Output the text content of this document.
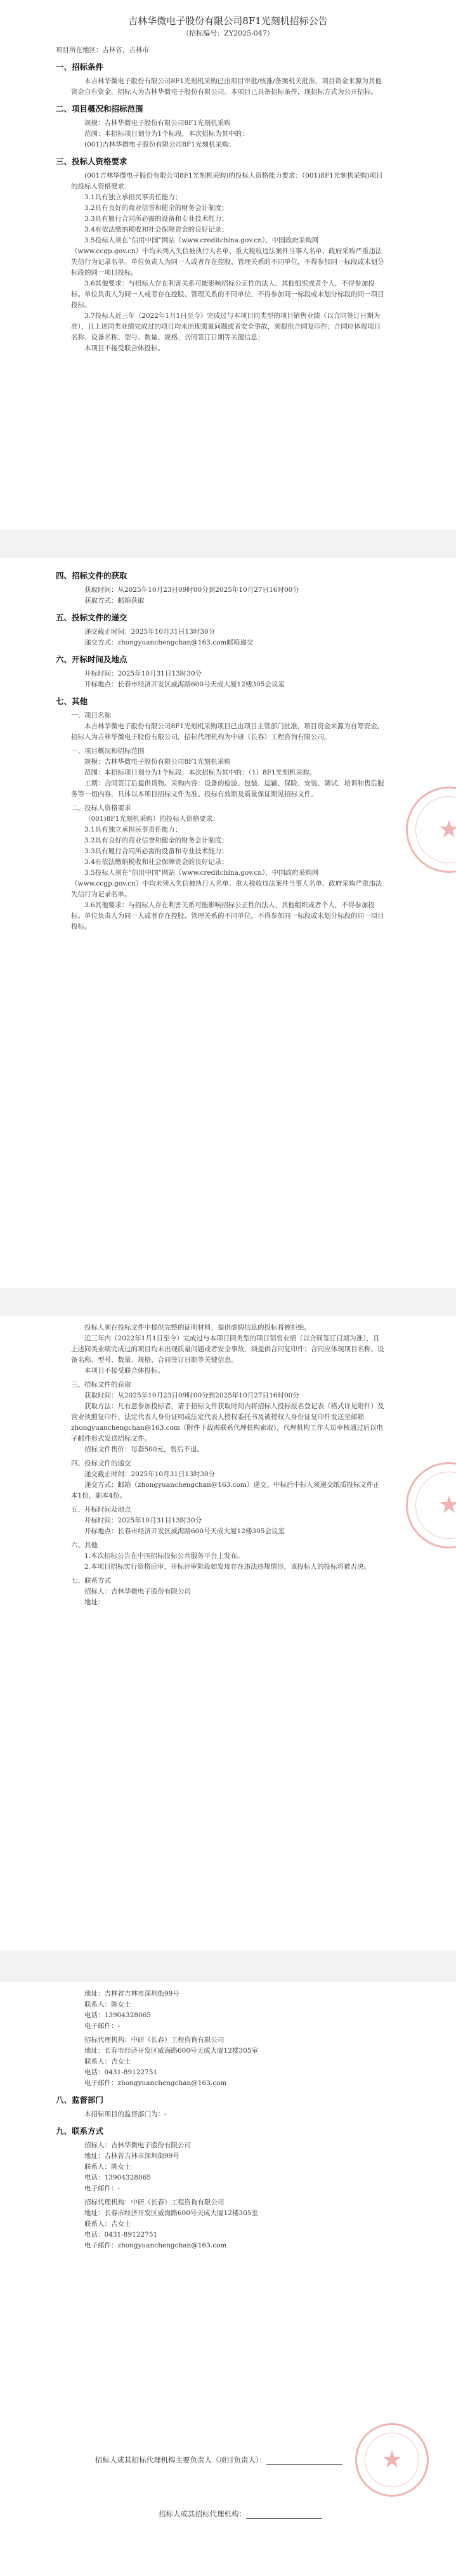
吉林华微电子股份有限公司8F1光刻机招标公告
（招标编号：ZY2025-047）
项目所在地区：吉林省，吉林市
一、招标条件
本吉林华微电子股份有限公司8F1光刻机采购已由项目审批/核准/备案机关批准，项目资金来源为其他资金自有资金，招标人为吉林华微电子股份有限公司。本项目已具备招标条件，现招标方式为公开招标。
二、项目概况和招标范围

规模：吉林华微电子股份有限公司8F1光刻机采购

范围：本招标项目划分为1个标段，本次招标为其中的：

(001)吉林华微电子股份有限公司8F1光刻机采购；

三、投标人资格要求

(001吉林华微电子股份有限公司8F1光刻机采购)的投标人资格能力要求：（001)8F1光刻机采购)项目的投标人资格要求：

3.1具有独立承担民事责任能力；

3.2具有良好的商业信誉和健全的财务会计制度；

3.3具有履行合同所必需的设备和专业技术能力；

3.4有依法缴纳税收和社会保障资金的良好记录；

3.5投标人须在“信用中国”网站（www.creditchina.gov.cn）、中国政府采购网（www.ccgp.gov.cn）中均未列入失信被执行人名单、重大税收违法案件当事人名单、政府采购严重违法失信行为记录名单。单位负责人为同一人或者存在控股、管理关系的不同单位，不得参加同一标段或未划分标段的同一项目投标。

3.6其他要求：与招标人存在利害关系可能影响招标公正性的法人、其他组织或者个人，不得参加投标。单位负责人为同一人或者存在控股、管理关系的不同单位，不得参加同一标段或未划分标段的同一项目投标。

3.7投标人近三年（2022年1月1日至今）完成过与本项目同类型的项目销售业绩（以合同签订日期为准），且上述同类业绩完成过的项目均未出现质量问题或者安全事故，须提供合同复印件；合同应体现项目名称、设备名称、型号、数量、规格、合同签订日期等关键信息；

本项目不接受联合体投标。

★
四、招标文件的获取

获取时间：从2025年10月23日09时00分到2025年10月27日16时00分

获取方式：邮箱获取

五、投标文件的递交

递交截止时间：2025年10月31日13时30分

递交方式：zhongyuanchengchan@163.com邮箱递交

六、开标时间及地点

开标时间：2025年10月31日13时30分

开标地点：长春市经济开发区威海路600号天成大厦12楼305会议室

七、其他

一、项目名称

本吉林华微电子股份有限公司8F1光刻机采购项目已由项目主管部门批准，项目资金来源为自筹资金，招标人为吉林华微电子股份有限公司，招标代理机构为中研（长春）工程咨询有限公司。

一、项目概况和招标范围

规模：吉林华微电子股份有限公司8F1光刻机采购

范围：本招标项目划分为1个标段，本次招标为其中的：（1）8F1光刻机采购。

工期：合同签订后提供货物。采购内容：设备的检验、包装、运输、保险、安装、调试、培训和售后服务等一切内容，具体以本项目招标文件为准。投标有效期及质量保证期见招标文件。

二、投标人资格要求

（001)8F1光刻机采购）的投标人资格要求：

3.1具有独立承担民事责任能力；

3.2具有良好的商业信誉和健全的财务会计制度；

3.3具有履行合同所必需的设备和专业技术能力；

3.4有依法缴纳税收和社会保障资金的良好记录；

3.5投标人须在“信用中国”网站（www.creditchina.gov.cn）、中国政府采购网（www.ccgp.gov.cn）中均未列入失信被执行人名单、重大税收违法案件当事人名单、政府采购严重违法失信行为记录名单。

3.6其他要求：与招标人存在利害关系可能影响招标公正性的法人、其他组织或者个人，不得参加投标。单位负责人为同一人或者存在控股、管理关系的不同单位，不得参加同一标段或未划分标段的同一项目投标。

★

投标人须在投标文件中提供完整的证明材料，提供虚假信息的投标将被拒绝。

近三年内（2022年1月1日至今）完成过与本项目同类型的项目销售业绩（以合同签订日期为准），且上述同类业绩完成过的项目均未出现质量问题或者安全事故，须提供合同复印件；合同应体现项目名称、设备名称、型号、数量、规格、合同签订日期等关键信息。

本项目不接受联合体投标。

三、招标文件的获取

获取时间：从2025年10月23日09时00分到2025年10月27日16时00分

获取方法：凡有意参加投标者，请于招标文件获取时间内将招标人投标报名登记表（格式详见附件）及营业执照复印件、法定代表人身份证明或法定代表人授权委托书及被授权人身份证复印件发送至邮箱zhongyuanchengchan@163.com（附件下载需联系代理机构索取），代理机构工作人员审核通过后以电子邮件形式发送招标文件。

招标文件售价：每套500元，售后不退。

四、投标文件的递交

递交截止时间：2025年10月31日13时30分

递交方式：邮箱（zhongyuanchengchan@163.com）递交。中标后中标人须递交纸质投标文件正本1份，副本4份。

五、开标时间及地点

开标时间：2025年10月31日13时30分

开标地点：长春市经济开发区威海路600号天成大厦12楼305会议室

六、其他

1.本次招标公告在中国招标投标公共服务平台上发布。

2.本项目招标实行资格后审，开标评审阶段如发现存在违法违规情形，该投标人的投标将被否决。

七、联系方式

招标人：吉林华微电子股份有限公司

地址：

★

地址：吉林省吉林市深圳街99号

联系人：陈女士

电话：13904328065

电子邮件：-

招标代理机构：中研（长春）工程咨询有限公司

地址：长春市经济开发区威海路600号天成大厦12楼305室

联系人：吉女士

电话：0431-89122751

电子邮件：zhongyuanchengchan@163.com

八、监督部门

本招标项目的监督部门为：-

九、联系方式

招标人：吉林华微电子股份有限公司

地址：吉林省吉林市深圳街99号

联系人：陈女士

电话：13904328065

电子邮件：-

招标代理机构：中研（长春）工程咨询有限公司

地址：长春市经济开发区威海路600号天成大厦12楼305室

联系人：吉女士

电话：0431-89122751

电子邮件：zhongyuanchengchan@163.com

招标人或其招标代理机构主要负责人（项目负责人）：
招标人或其招标代理机构：
